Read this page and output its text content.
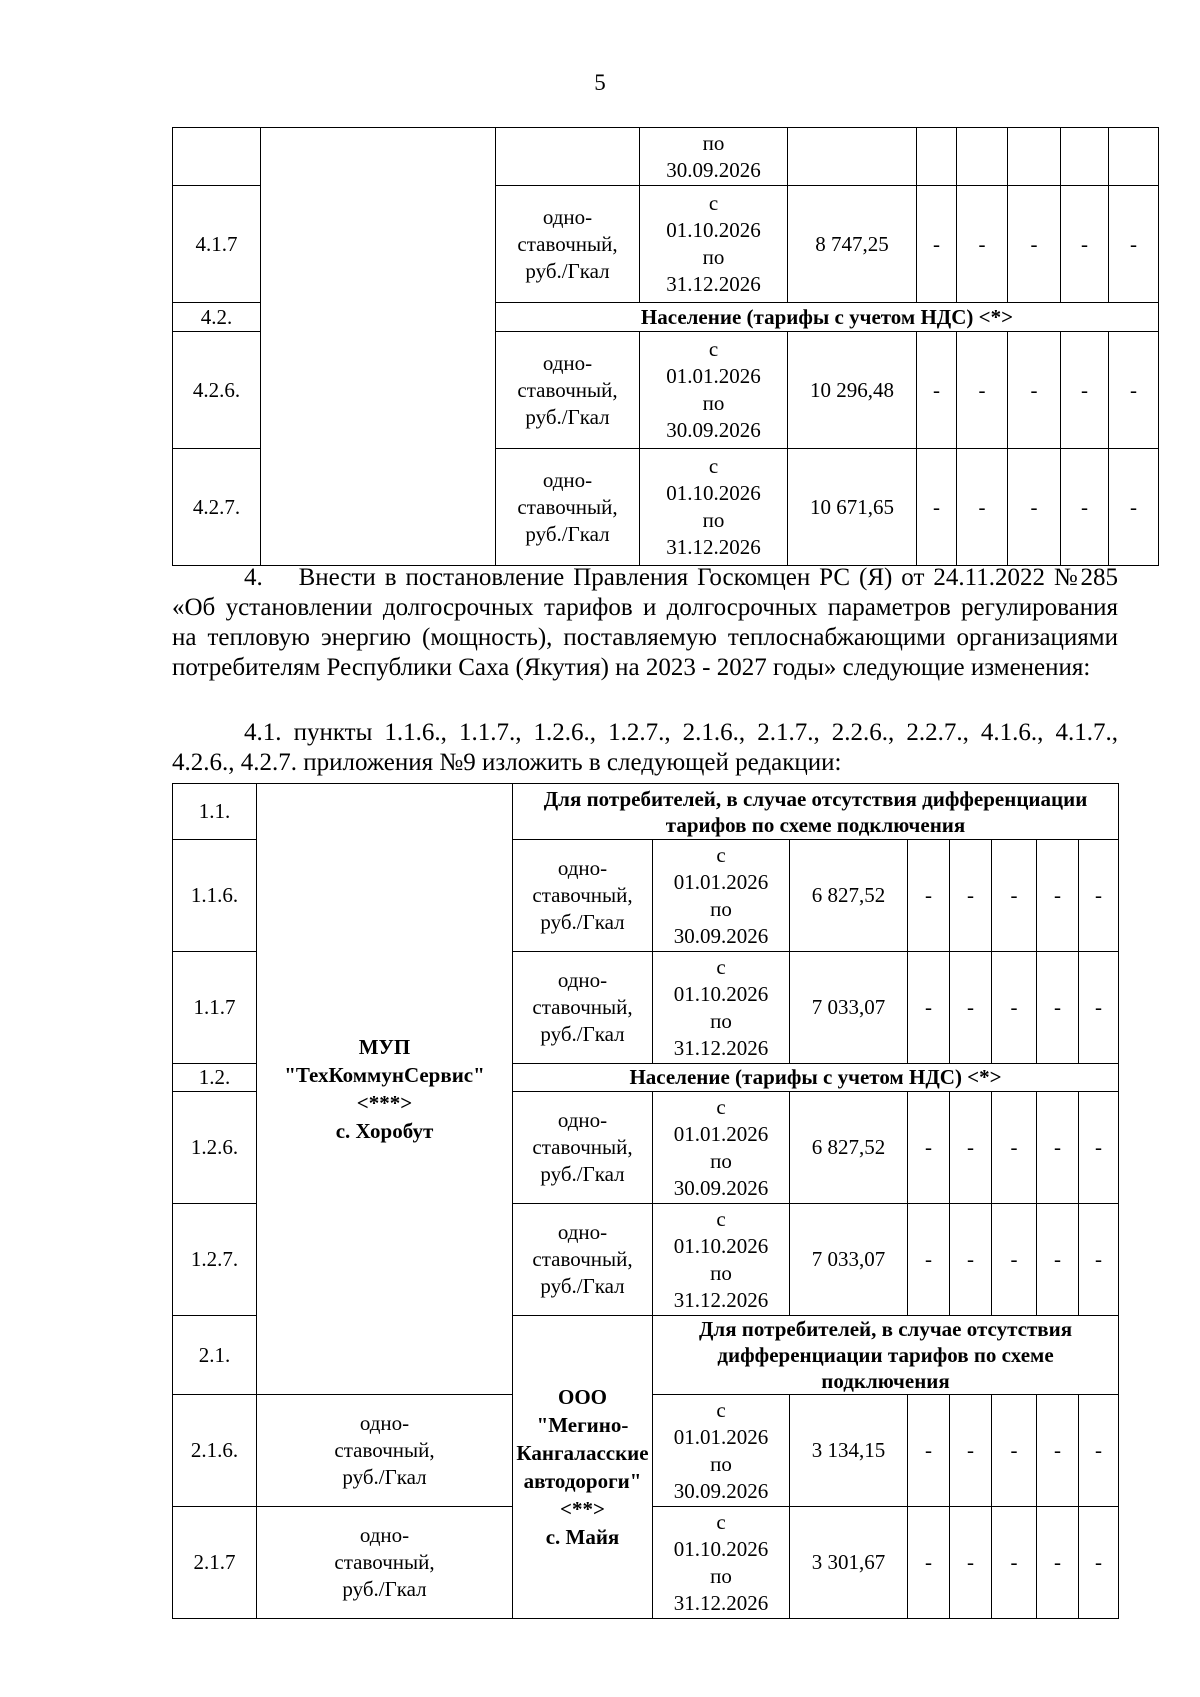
5
			по
30.09.2026						
4.1.7		одно-
ставочный,
руб./Гкал	с
01.10.2026
по
31.12.2026	8 747,25	-	-	-	-	-
4.2.		Население (тарифы с учетом НДС) <*>							
4.2.6.		одно-
ставочный,
руб./Гкал	с
01.01.2026
по
30.09.2026	10 296,48	-	-	-	-	-
4.2.7.		одно-
ставочный,
руб./Гкал	с
01.10.2026
по
31.12.2026	10 671,65	-	-	-	-	-
4.    Внести в постановление Правления Госкомцен РС (Я) от 24.11.2022 №285 «Об установлении долгосрочных тарифов и долгосрочных параметров регулирования на тепловую энергию (мощность), поставляемую теплоснабжающими организациями потребителям Республики Саха (Якутия) на 2023 - 2027 годы» следующие изменения:
4.1. пункты 1.1.6., 1.1.7., 1.2.6., 1.2.7., 2.1.6., 2.1.7., 2.2.6., 2.2.7., 4.1.6., 4.1.7., 4.2.6., 4.2.7. приложения №9 изложить в следующей редакции:
1.1.	МУП
"ТехКоммунСервис"
<***>
с. Хоробут	Для потребителей, в случае отсутствия дифференциации тарифов по схеме подключения							
1.1.6.		одно-
ставочный,
руб./Гкал	с
01.01.2026
по
30.09.2026	6 827,52	-	-	-	-	-
1.1.7		одно-
ставочный,
руб./Гкал	с
01.10.2026
по
31.12.2026	7 033,07	-	-	-	-	-
1.2.		Население (тарифы с учетом НДС) <*>							
1.2.6.		одно-
ставочный,
руб./Гкал	с
01.01.2026
по
30.09.2026	6 827,52	-	-	-	-	-
1.2.7.		одно-
ставочный,
руб./Гкал	с
01.10.2026
по
31.12.2026	7 033,07	-	-	-	-	-
2.1.		ООО "Мегино-
Кангаласские
автодороги"
<**>
с. Майя	Для потребителей, в случае отсутствия дифференциации тарифов по схеме подключения						
2.1.6.	одно-
ставочный,
руб./Гкал		с
01.01.2026
по
30.09.2026	3 134,15	-	-	-	-	-
2.1.7	одно-
ставочный,
руб./Гкал		с
01.10.2026
по
31.12.2026	3 301,67	-	-	-	-	-
